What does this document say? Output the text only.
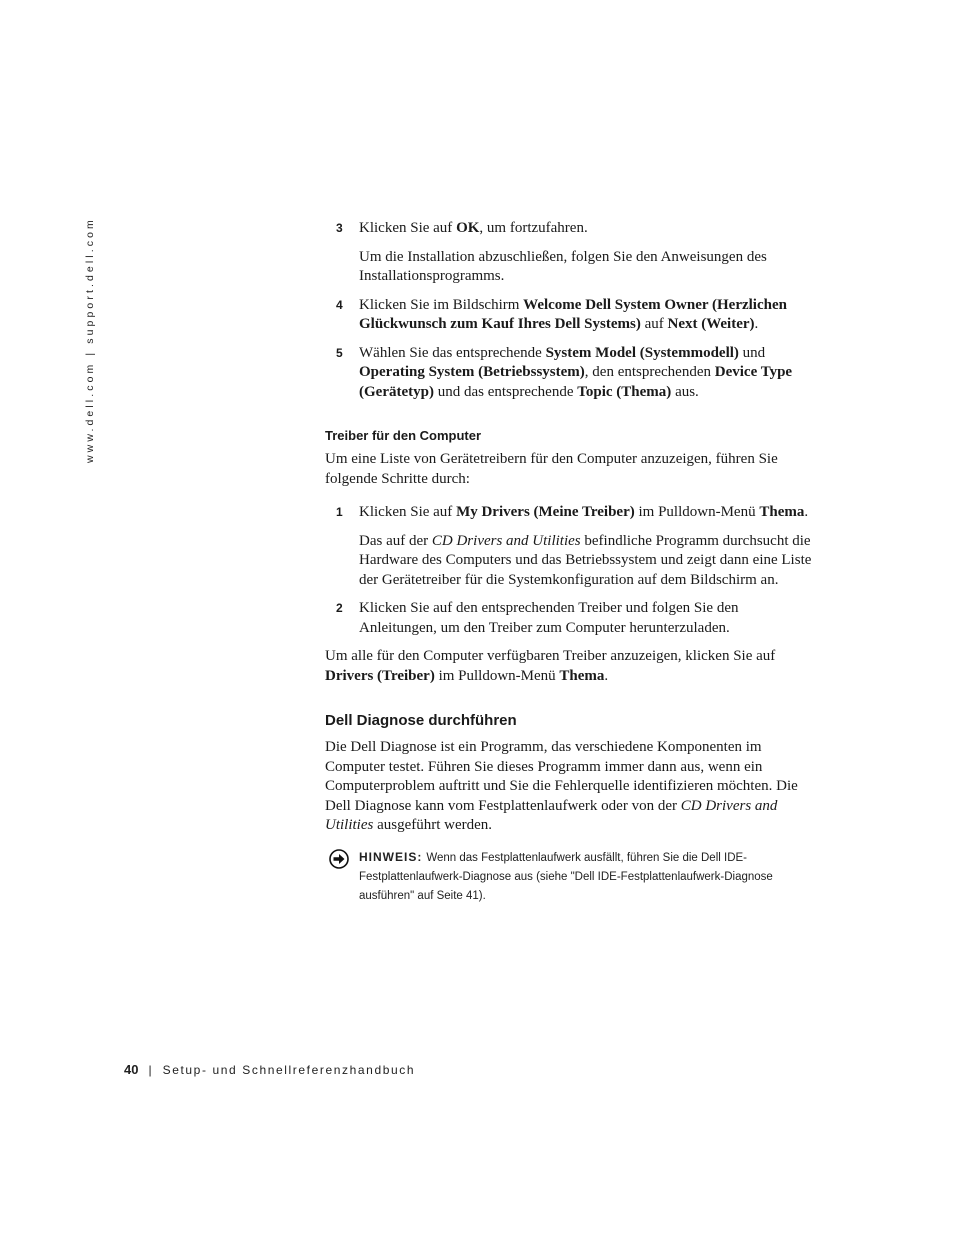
www.dell.com | support.dell.com	3 Klicken Sie auf OK, um fortzufahren.

Um die Installation abzuschließen, folgen Sie den Anweisungen des Installationsprogramms.

4 Klicken Sie im Bildschirm Welcome Dell System Owner (Herzlichen Glückwunsch zum Kauf Ihres Dell Systems) auf Next (Weiter).

5 Wählen Sie das entsprechende System Model (Systemmodell) und Operating System (Betriebssystem), den entsprechenden Device Type (Gerätetyp) und das entsprechende Topic (Thema) aus.

Treiber für den Computer

Um eine Liste von Gerätetreibern für den Computer anzuzeigen, führen Sie folgende Schritte durch:

1 Klicken Sie auf My Drivers (Meine Treiber) im Pulldown-Menü Thema.

Das auf der CD Drivers and Utilities befindliche Programm durchsucht die Hardware des Computers und das Betriebssystem und zeigt dann eine Liste der Gerätetreiber für die Systemkonfiguration auf dem Bildschirm an.

2 Klicken Sie auf den entsprechenden Treiber und folgen Sie den Anleitungen, um den Treiber zum Computer herunterzuladen.

Um alle für den Computer verfügbaren Treiber anzuzeigen, klicken Sie auf Drivers (Treiber) im Pulldown-Menü Thema.

Dell Diagnose durchführen

Die Dell Diagnose ist ein Programm, das verschiedene Komponenten im Computer testet. Führen Sie dieses Programm immer dann aus, wenn ein Computerproblem auftritt und Sie die Fehlerquelle identifizieren möchten. Die Dell Diagnose kann vom Festplattenlaufwerk oder von der CD Drivers and Utilities ausgeführt werden.

HINWEIS: Wenn das Festplattenlaufwerk ausfällt, führen Sie die Dell IDE-Festplattenlaufwerk-Diagnose aus (siehe "Dell IDE-Festplattenlaufwerk-Diagnose ausführen" auf Seite 41).
40 | Setup- und Schnellreferenzhandbuch
